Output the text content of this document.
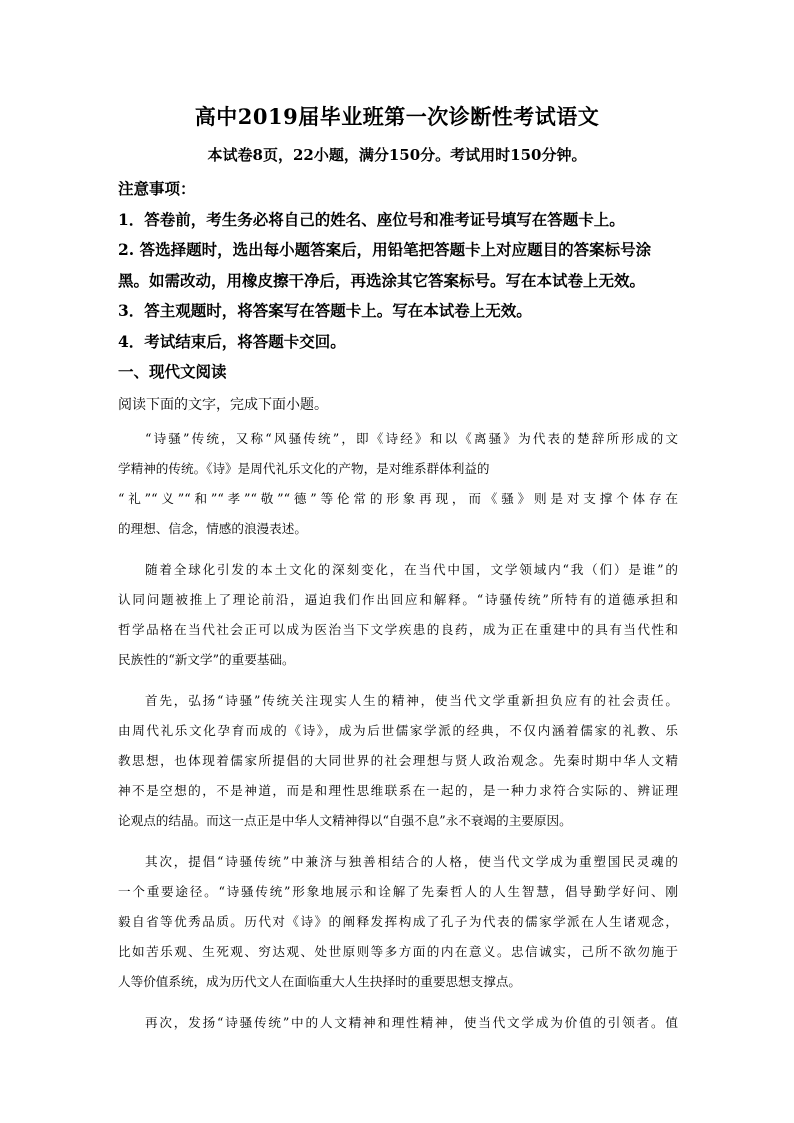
高中2019届毕业班第一次诊断性考试语文
本试卷8页，22小题，满分150分。考试用时150分钟。
注意事项：
1．答卷前，考生务必将自己的姓名、座位号和准考证号填写在答题卡上。
2. 答选择题时，选出每小题答案后，用铅笔把答题卡上对应题目的答案标号涂
黑。如需改动，用橡皮擦干净后，再选涂其它答案标号。写在本试卷上无效。
3．答主观题时，将答案写在答题卡上。写在本试卷上无效。
4．考试结束后，将答题卡交回。
一、现代文阅读
阅读下面的文字，完成下面小题。
“诗骚”传统，又称“风骚传统”，即《诗经》和以《离骚》为代表的楚辞所形成的文
学精神的传统。《诗》是周代礼乐文化的产物，是对维系群体利益的
“礼”“义”“和”“孝”“敬”“德”等伦常的形象再现，而《骚》则是对支撑个体存在
的理想、信念，情感的浪漫表述。
随着全球化引发的本土文化的深刻变化，在当代中国，文学领域内“我（们）是谁”的
认同问题被推上了理论前沿，逼迫我们作出回应和解释。“诗骚传统”所特有的道德承担和
哲学品格在当代社会正可以成为医治当下文学疾患的良药，成为正在重建中的具有当代性和
民族性的“新文学”的重要基础。
首先，弘扬“诗骚”传统关注现实人生的精神，使当代文学重新担负应有的社会责任。
由周代礼乐文化孕育而成的《诗》，成为后世儒家学派的经典，不仅内涵着儒家的礼教、乐
教思想，也体现着儒家所提倡的大同世界的社会理想与贤人政治观念。先秦时期中华人文精
神不是空想的，不是神道，而是和理性思维联系在一起的，是一种力求符合实际的、辨证理
论观点的结晶。而这一点正是中华人文精神得以“自强不息”永不衰竭的主要原因。
其次，提倡“诗骚传统”中兼济与独善相结合的人格，使当代文学成为重塑国民灵魂的
一个重要途径。“诗骚传统”形象地展示和诠解了先秦哲人的人生智慧，倡导勤学好问、刚
毅自省等优秀品质。历代对《诗》的阐释发挥构成了孔子为代表的儒家学派在人生诸观念，
比如苦乐观、生死观、穷达观、处世原则等多方面的内在意义。忠信诚实，己所不欲勿施于
人等价值系统，成为历代文人在面临重大人生抉择时的重要思想支撑点。
再次，发扬“诗骚传统”中的人文精神和理性精神，使当代文学成为价值的引领者。值
